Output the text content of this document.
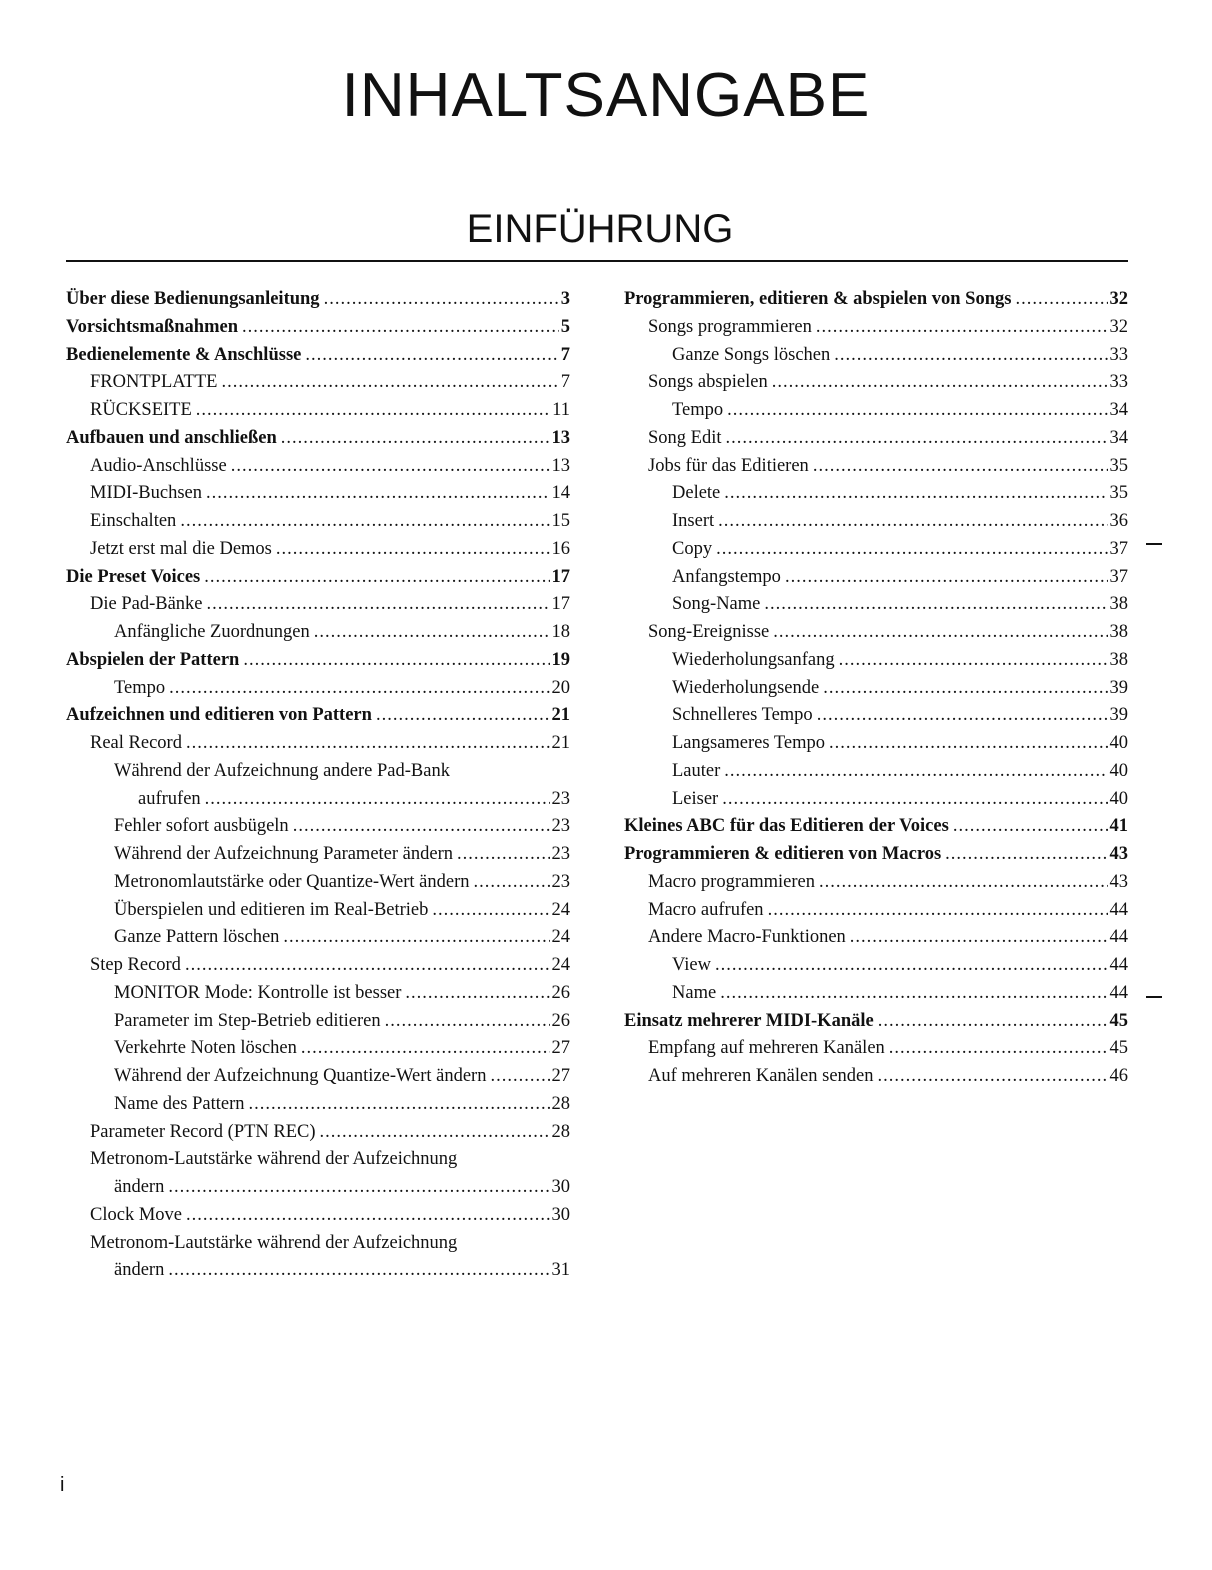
INHALTSANGABE
EINFÜHRUNG
Über diese Bedienungsanleitung .....	3
Vorsichtsmaßnahmen .....	5
Bedienelemente & Anschlüsse .....	7
FRONTPLATTE .....	7
RÜCKSEITE .....	11
Aufbauen und anschließen .....	13
Audio-Anschlüsse .....	13
MIDI-Buchsen .....	14
Einschalten .....	15
Jetzt erst mal die Demos .....	16
Die Preset Voices .....	17
Die Pad-Bänke .....	17
Anfängliche Zuordnungen .....	18
Abspielen der Pattern .....	19
Tempo .....	20
Aufzeichnen und editieren von Pattern .....	21
Real Record .....	21
Während der Aufzeichnung andere Pad-Bank
aufrufen .....	23
Fehler sofort ausbügeln .....	23
Während der Aufzeichnung Parameter ändern .....	23
Metronomlautstärke oder Quantize-Wert ändern .....	23
Überspielen und editieren im Real-Betrieb .....	24
Ganze Pattern löschen .....	24
Step Record .....	24
MONITOR Mode: Kontrolle ist besser .....	26
Parameter im Step-Betrieb editieren .....	26
Verkehrte Noten löschen .....	27
Während der Aufzeichnung Quantize-Wert ändern .....	27
Name des Pattern .....	28
Parameter Record (PTN REC) .....	28
Metronom-Lautstärke während der Aufzeichnung
ändern .....	30
Clock Move .....	30
Metronom-Lautstärke während der Aufzeichnung
ändern .....	31
Programmieren, editieren & abspielen von Songs .....	32
Songs programmieren .....	32
Ganze Songs löschen .....	33
Songs abspielen .....	33
Tempo .....	34
Song Edit .....	34
Jobs für das Editieren .....	35
Delete .....	35
Insert .....	36
Copy .....	37
Anfangstempo .....	37
Song-Name .....	38
Song-Ereignisse .....	38
Wiederholungsanfang .....	38
Wiederholungsende .....	39
Schnelleres Tempo .....	39
Langsameres Tempo .....	40
Lauter .....	40
Leiser .....	40
Kleines ABC für das Editieren der Voices .....	41
Programmieren & editieren von Macros .....	43
Macro programmieren .....	43
Macro aufrufen .....	44
Andere Macro-Funktionen .....	44
View .....	44
Name .....	44
Einsatz mehrerer MIDI-Kanäle .....	45
Empfang auf mehreren Kanälen .....	45
Auf mehreren Kanälen senden .....	46
i
